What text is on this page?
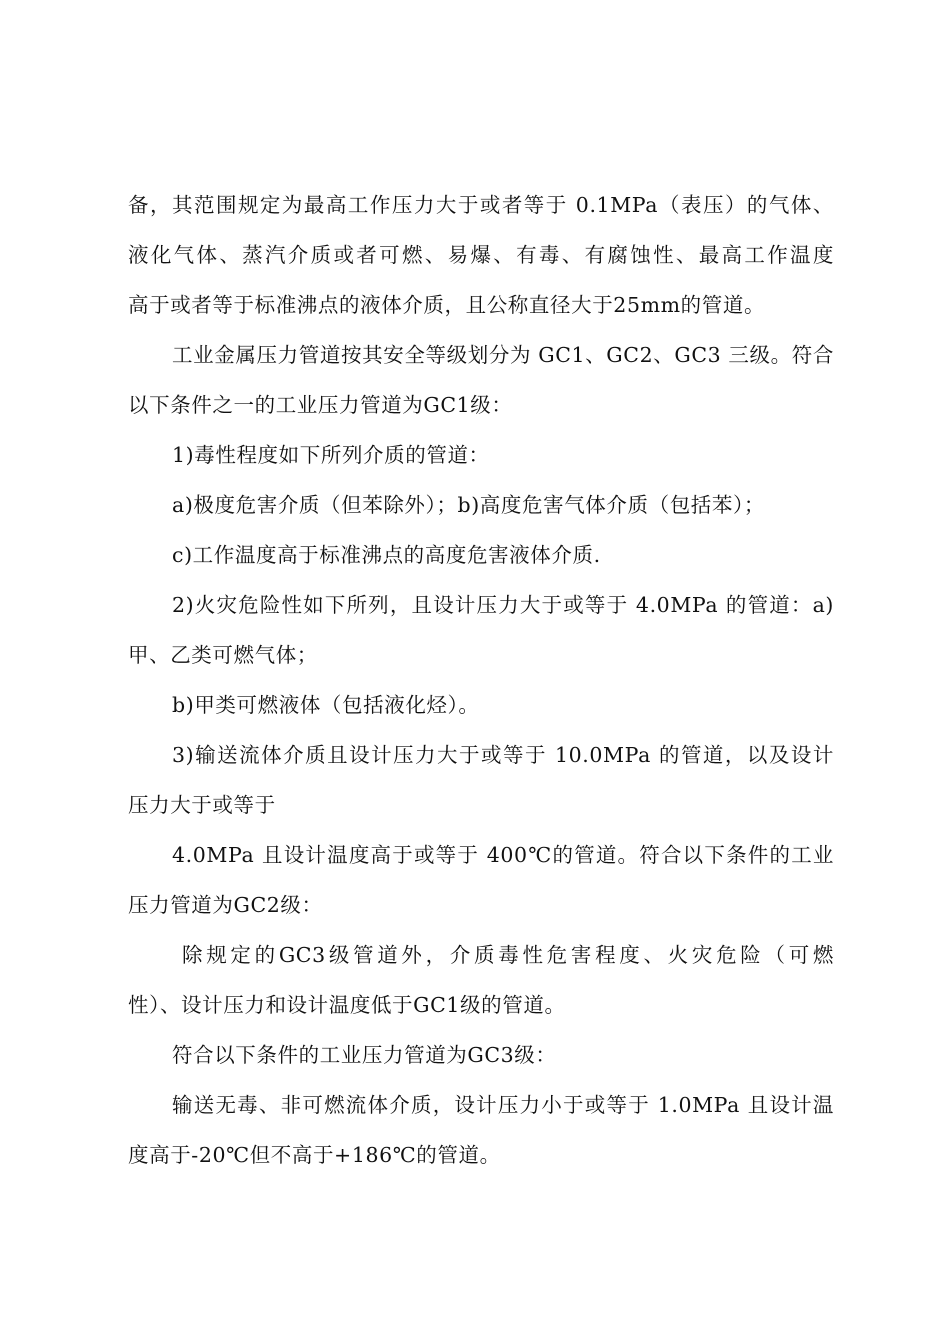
备，其范围规定为最高工作压力大于或者等于 0.1MPa（表压）的气体、
液化气体、蒸汽介质或者可燃、易爆、有毒、有腐蚀性、最高工作温度
高于或者等于标准沸点的液体介质，且公称直径大于25mm的管道。
工业金属压力管道按其安全等级划分为 GC1、GC2、GC3 三级。符合
以下条件之一的工业压力管道为GC1级：
1)毒性程度如下所列介质的管道：
a)极度危害介质（但苯除外）；b)高度危害气体介质（包括苯）；
c)工作温度高于标准沸点的高度危害液体介质.
2)火灾危险性如下所列，且设计压力大于或等于 4.0MPa 的管道：a)
甲、乙类可燃气体；
b)甲类可燃液体（包括液化烃）。
3)输送流体介质且设计压力大于或等于 10.0MPa 的管道，以及设计
压力大于或等于
4.0MPa 且设计温度高于或等于 400℃的管道。符合以下条件的工业
压力管道为GC2级：
除规定的GC3级管道外，介质毒性危害程度、火灾危险（可燃
性）、设计压力和设计温度低于GC1级的管道。
符合以下条件的工业压力管道为GC3级：
输送无毒、非可燃流体介质，设计压力小于或等于 1.0MPa 且设计温
度高于-20℃但不高于+186℃的管道。
